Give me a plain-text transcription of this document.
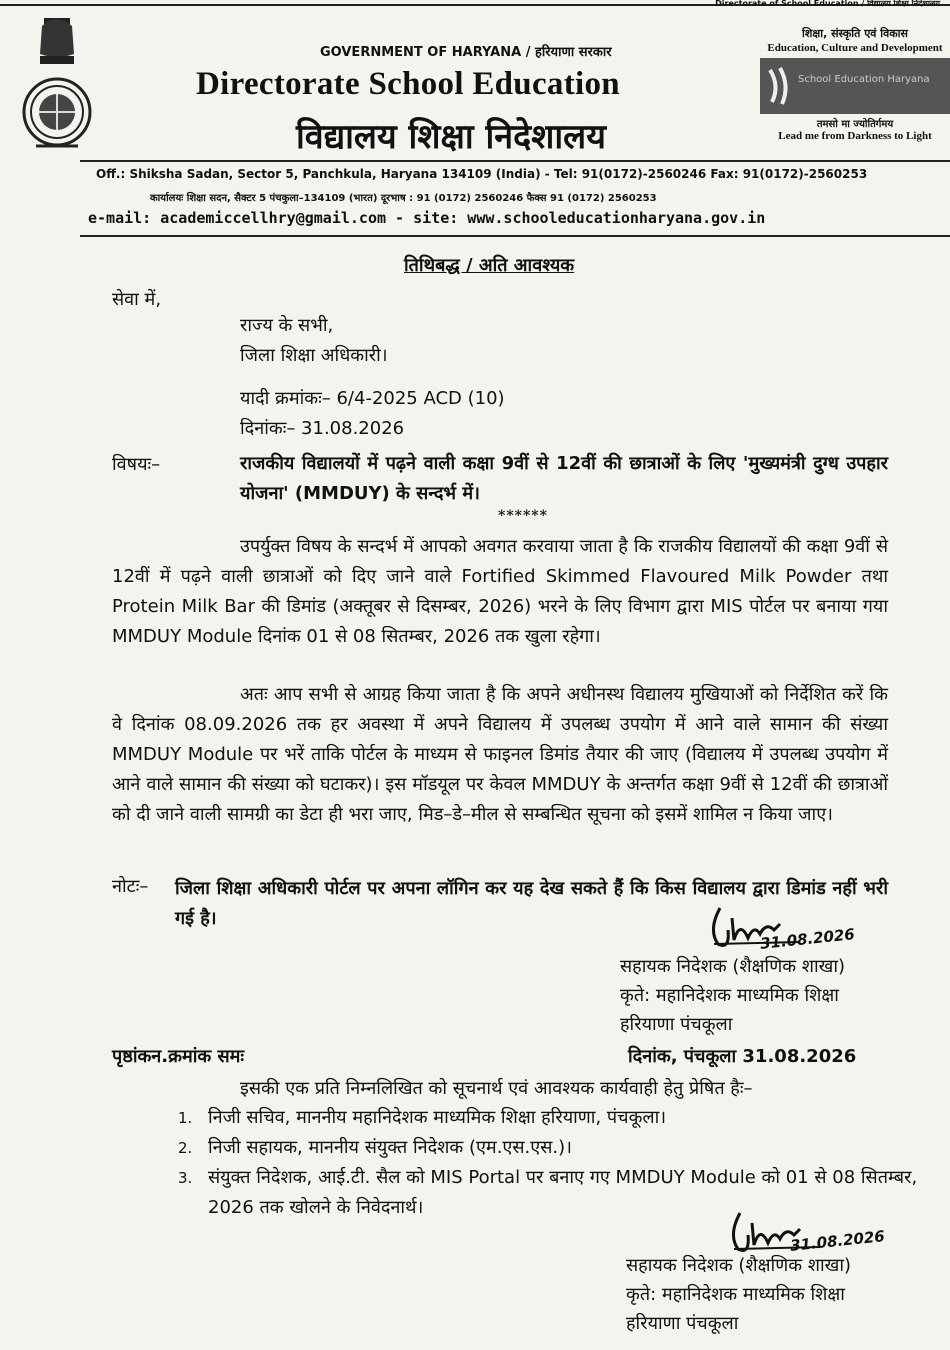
Directorate of School Education / विद्यालय शिक्षा निदेशालय
GOVERNMENT OF HARYANA / हरियाणा सरकार
Directorate School Education
विद्यालय शिक्षा निदेशालय
शिक्षा, संस्कृति एवं विकास
Education, Culture and Development
School Education Haryana
तमसो मा ज्योतिर्गमय
Lead me from Darkness to Light
Off.: Shiksha Sadan, Sector 5, Panchkula, Haryana 134109 (India) - Tel: 91(0172)-2560246 Fax: 91(0172)-2560253
कार्यालयः शिक्षा सदन, सैक्टर 5 पंचकुला–134109 (भारत) दूरभाष : 91 (0172) 2560246 फैक्स 91 (0172) 2560253
e-mail: academiccellhry@gmail.com - site: www.schooleducationharyana.gov.in
तिथिबद्ध / अति आवश्यक
सेवा में,
राज्य के सभी,
जिला शिक्षा अधिकारी।
यादी क्रमांकः– 6/4-2025 ACD (10)
दिनांकः– 31.08.2026
विषयः–	राजकीय विद्यालयों में पढ़ने वाली कक्षा 9वीं से 12वीं की छात्राओं के लिए 'मुख्यमंत्री दुग्ध उपहार योजना' (MMDUY) के सन्दर्भ में।
******
उपर्युक्त विषय के सन्दर्भ में आपको अवगत करवाया जाता है कि राजकीय विद्यालयों की कक्षा 9वीं से 12वीं में पढ़ने वाली छात्राओं को दिए जाने वाले Fortified Skimmed Flavoured Milk Powder तथा Protein Milk Bar की डिमांड (अक्तूबर से दिसम्बर, 2026) भरने के लिए विभाग द्वारा MIS पोर्टल पर बनाया गया MMDUY Module दिनांक 01 से 08 सितम्बर, 2026 तक खुला रहेगा।
अतः आप सभी से आग्रह किया जाता है कि अपने अधीनस्थ विद्यालय मुखियाओं को निर्देशित करें कि वे दिनांक 08.09.2026 तक हर अवस्था में अपने विद्यालय में उपलब्ध उपयोग में आने वाले सामान की संख्या MMDUY Module पर भरें ताकि पोर्टल के माध्यम से फाइनल डिमांड तैयार की जाए (विद्यालय में उपलब्ध उपयोग में आने वाले सामान की संख्या को घटाकर)। इस मॉडयूल पर केवल MMDUY के अन्तर्गत कक्षा 9वीं से 12वीं की छात्राओं को दी जाने वाली सामग्री का डेटा ही भरा जाए, मिड–डे–मील से सम्बन्धित सूचना को इसमें शामिल न किया जाए।
नोटः– जिला शिक्षा अधिकारी पोर्टल पर अपना लॉगिन कर यह देख सकते हैं कि किस विद्यालय द्वारा डिमांड नहीं भरी गई है।
31.08.2026
सहायक निदेशक (शैक्षणिक शाखा)
कृते: महानिदेशक माध्यमिक शिक्षा
हरियाणा पंचकूला
पृष्ठांकन.क्रमांक समः	दिनांक, पंचकूला 31.08.2026
इसकी एक प्रति निम्नलिखित को सूचनार्थ एवं आवश्यक कार्यवाही हेतु प्रेषित हैः–
1. निजी सचिव, माननीय महानिदेशक माध्यमिक शिक्षा हरियाणा, पंचकूला।
2. निजी सहायक, माननीय संयुक्त निदेशक (एम.एस.एस.)।
3. संयुक्त निदेशक, आई.टी. सैल को MIS Portal पर बनाए गए MMDUY Module को 01 से 08 सितम्बर, 2026 तक खोलने के निवेदनार्थ।
31.08.2026
सहायक निदेशक (शैक्षणिक शाखा)
कृते: महानिदेशक माध्यमिक शिक्षा
हरियाणा पंचकूला
